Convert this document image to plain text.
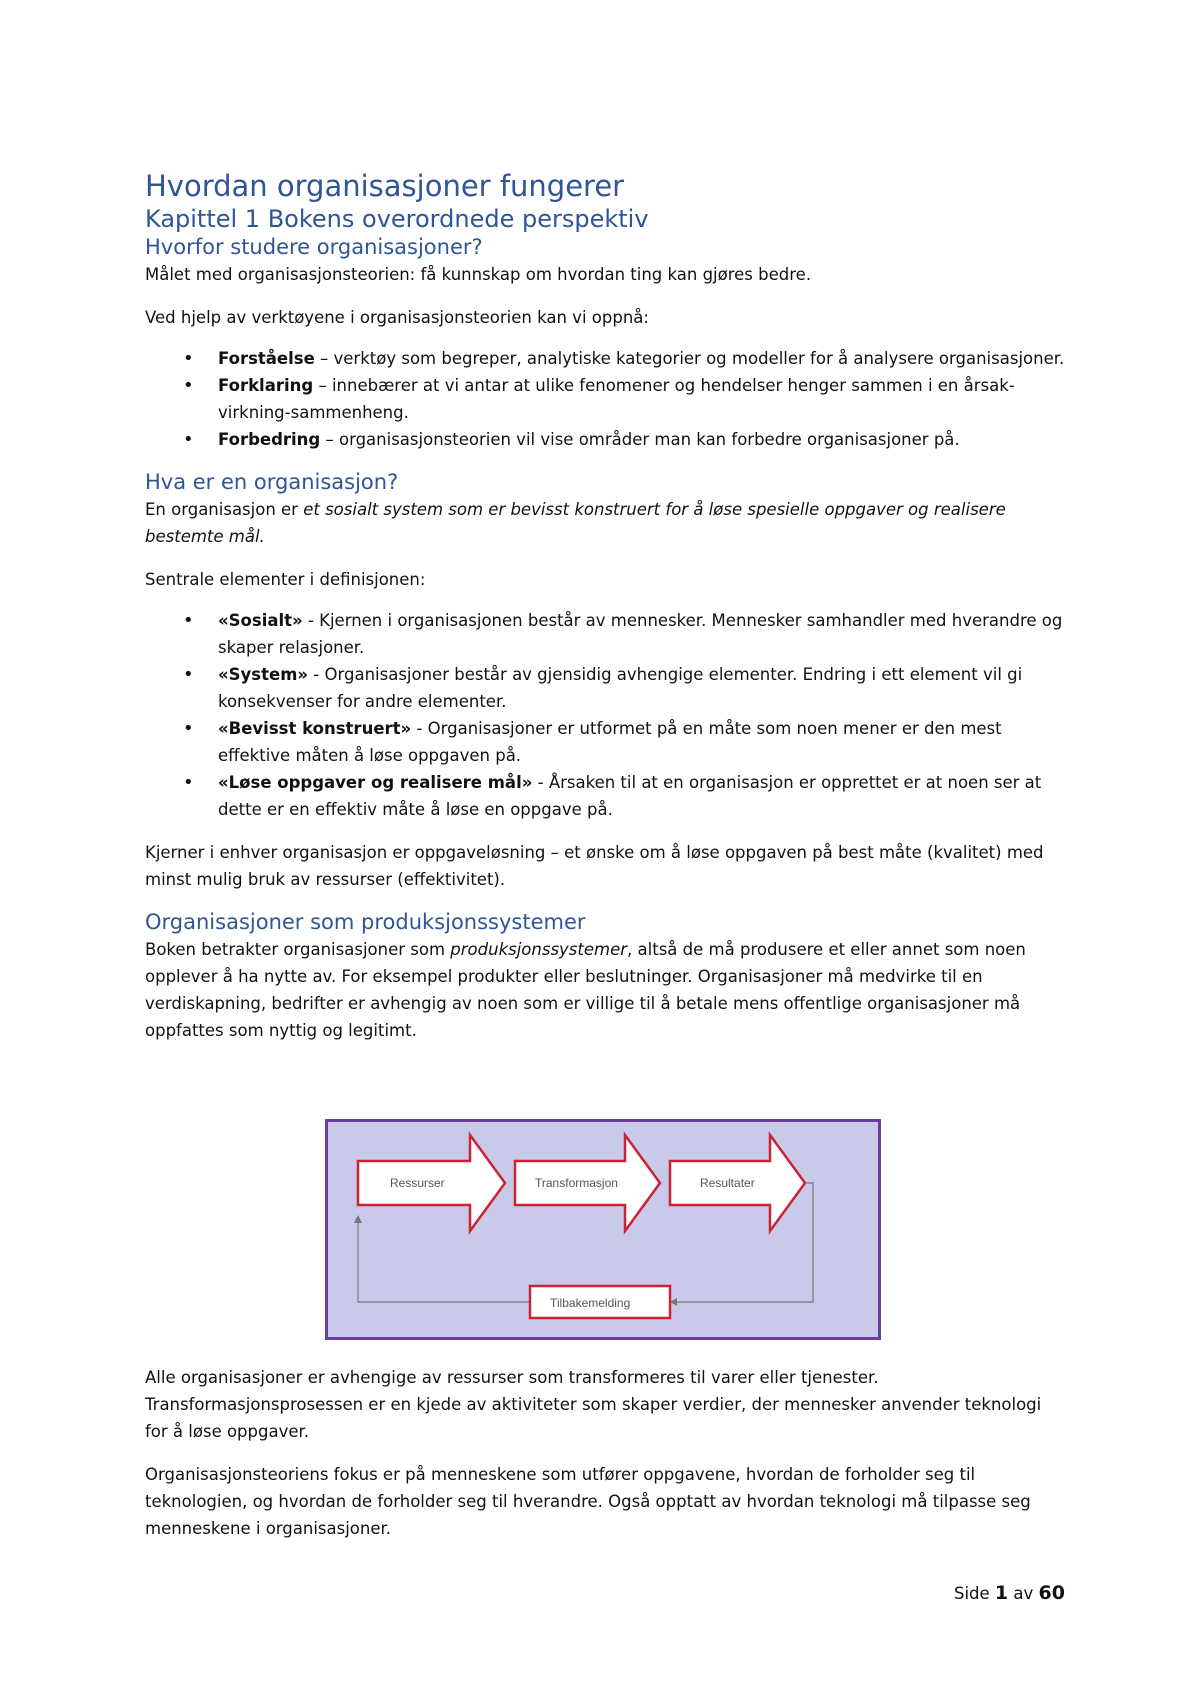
Hvordan organisasjoner fungerer
Kapittel 1 Bokens overordnede perspektiv
Hvorfor studere organisasjoner?

Målet med organisasjonsteorien: få kunnskap om hvordan ting kan gjøres bedre.

Ved hjelp av verktøyene i organisasjonsteorien kan vi oppnå:

• Forståelse – verktøy som begreper, analytiske kategorier og modeller for å analysere organisasjoner.
• Forklaring – innebærer at vi antar at ulike fenomener og hendelser henger sammen i en årsak-virkning-sammenheng.
• Forbedring – organisasjonsteorien vil vise områder man kan forbedre organisasjoner på.
Hva er en organisasjon?

En organisasjon er et sosialt system som er bevisst konstruert for å løse spesielle oppgaver og realisere bestemte mål.

Sentrale elementer i definisjonen:

• «Sosialt» - Kjernen i organisasjonen består av mennesker. Mennesker samhandler med hverandre og skaper relasjoner.
• «System» - Organisasjoner består av gjensidig avhengige elementer. Endring i ett element vil gi konsekvenser for andre elementer.
• «Bevisst konstruert» - Organisasjoner er utformet på en måte som noen mener er den mest effektive måten å løse oppgaven på.
• «Løse oppgaver og realisere mål» - Årsaken til at en organisasjon er opprettet er at noen ser at dette er en effektiv måte å løse en oppgave på.

Kjerner i enhver organisasjon er oppgaveløsning – et ønske om å løse oppgaven på best måte (kvalitet) med minst mulig bruk av ressurser (effektivitet).

Organisasjoner som produksjonssystemer

Boken betrakter organisasjoner som produksjonssystemer, altså de må produsere et eller annet som noen opplever å ha nytte av. For eksempel produkter eller beslutninger. Organisasjoner må medvirke til en verdiskapning, bedrifter er avhengig av noen som er villige til å betale mens offentlige organisasjoner må oppfattes som nyttig og legitimt.

Ressurser	Transformasjon	Resultater
Tilbakemelding

Alle organisasjoner er avhengige av ressurser som transformeres til varer eller tjenester. Transformasjonsprosessen er en kjede av aktiviteter som skaper verdier, der mennesker anvender teknologi for å løse oppgaver.

Organisasjonsteoriens fokus er på menneskene som utfører oppgavene, hvordan de forholder seg til teknologien, og hvordan de forholder seg til hverandre. Også opptatt av hvordan teknologi må tilpasse seg menneskene i organisasjoner.

Side 1 av 60
